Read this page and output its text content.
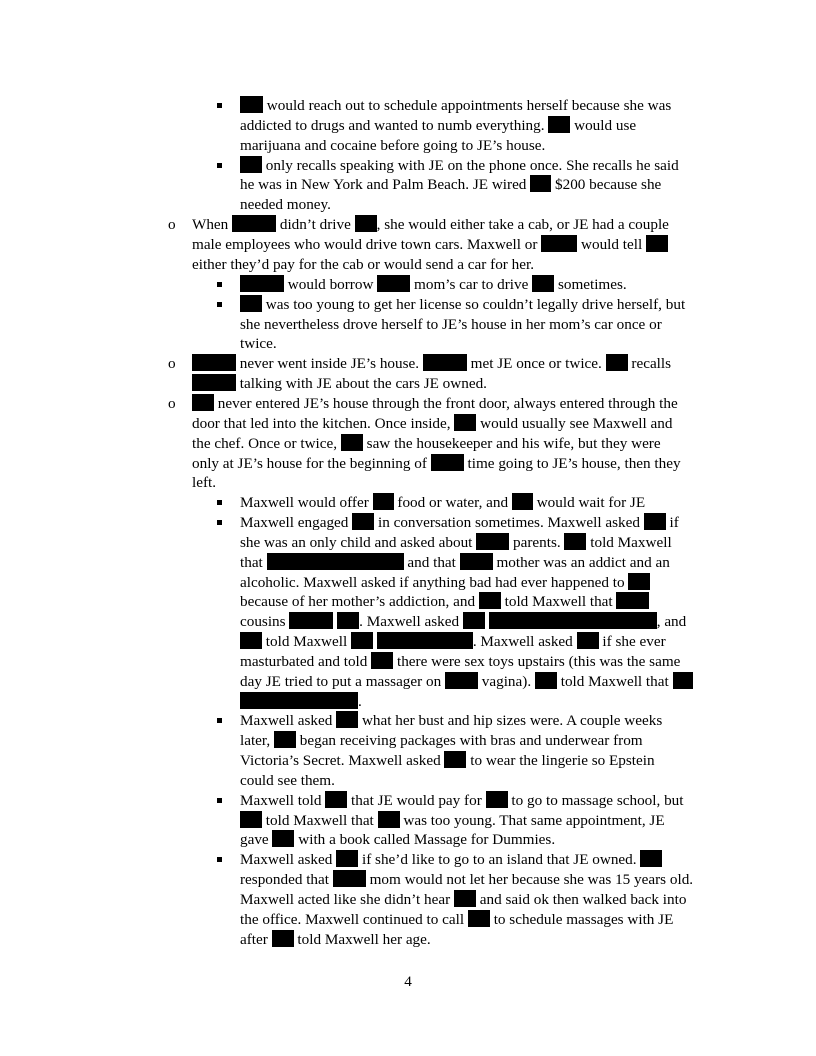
o
o
o
would reach out to schedule appointments herself because she was
addicted to drugs and wanted to numb everything. would use
marijuana and cocaine before going to JE’s house.
only recalls speaking with JE on the phone once. She recalls he said
he was in New York and Palm Beach. JE wired $200 because she
needed money.
When	didn’t drive , she would either take a cab, or JE had a couple
male employees who would drive town cars. Maxwell or	would tell
either they’d pay for the cab or would send a car for her.
would borrow	mom’s car to drive sometimes.
was too young to get her license so couldn’t legally drive herself, but
she nevertheless drove herself to JE’s house in her mom’s car once or
twice.
never went inside JE’s house.	met JE once or twice. recalls
talking with JE about the cars JE owned.
never entered JE’s house through the front door, always entered through the
door that led into the kitchen. Once inside, would usually see Maxwell and
the chef. Once or twice, saw the housekeeper and his wife, but they were
only at JE’s house for the beginning of	time going to JE’s house, then they
left.
Maxwell would offer food or water, and would wait for JE
Maxwell engaged in conversation sometimes. Maxwell asked if
she was an only child and asked about	parents. told Maxwell
that	and that	mother was an addict and an
alcoholic. Maxwell asked if anything bad had ever happened to
because of her mother’s addiction, and told Maxwell that
cousins	. Maxwell asked	, and
told Maxwell	. Maxwell asked if she ever
masturbated and told there were sex toys upstairs (this was the same
day JE tried to put a massager on	vagina). told Maxwell that
.
Maxwell asked what her bust and hip sizes were. A couple weeks
later, began receiving packages with bras and underwear from
Victoria’s Secret. Maxwell asked to wear the lingerie so Epstein
could see them.
Maxwell told that JE would pay for to go to massage school, but
told Maxwell that was too young. That same appointment, JE
gave with a book called Massage for Dummies.
Maxwell asked if she’d like to go to an island that JE owned.
responded that	mom would not let her because she was 15 years old.
Maxwell acted like she didn’t hear and said ok then walked back into
the office. Maxwell continued to call to schedule massages with JE
after told Maxwell her age.
4
